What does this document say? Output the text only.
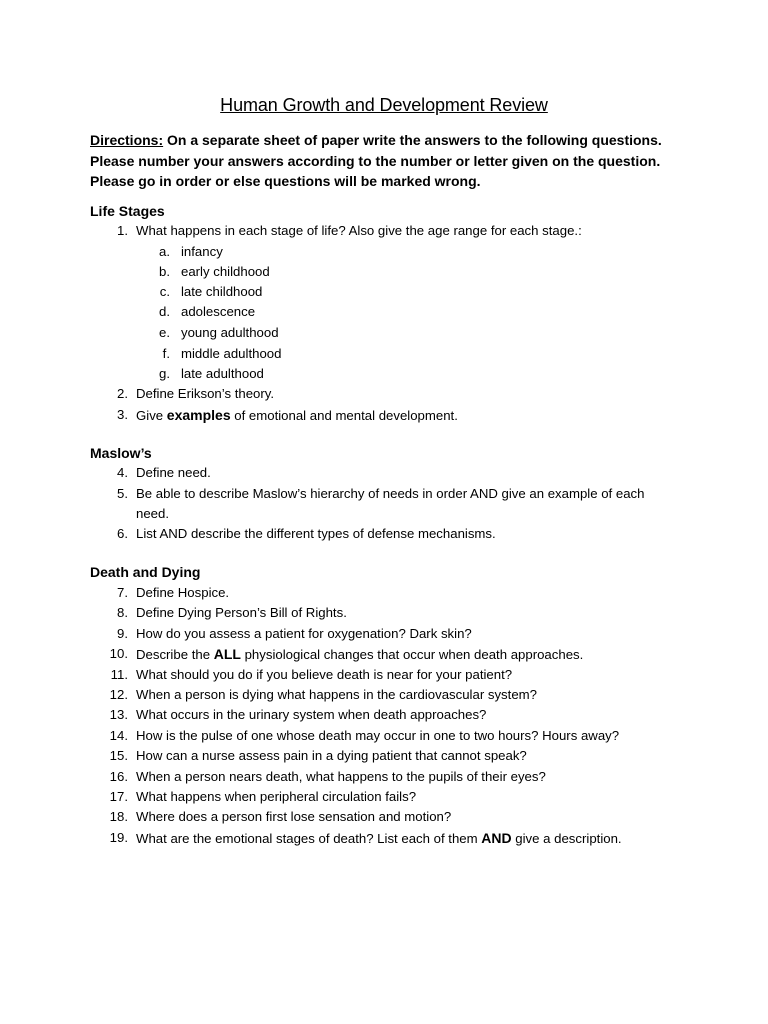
Human Growth and Development Review
Directions: On a separate sheet of paper write the answers to the following questions. Please number your answers according to the number or letter given on the question. Please go in order or else questions will be marked wrong.
Life Stages
1. What happens in each stage of life? Also give the age range for each stage.:
a. infancy
b. early childhood
c. late childhood
d. adolescence
e. young adulthood
f. middle adulthood
g. late adulthood
2. Define Erikson’s theory.
3. Give examples of emotional and mental development.
Maslow’s
4. Define need.
5. Be able to describe Maslow’s hierarchy of needs in order AND give an example of each
need.
6. List AND describe the different types of defense mechanisms.
Death and Dying
7. Define Hospice.
8. Define Dying Person’s Bill of Rights.
9. How do you assess a patient for oxygenation? Dark skin?
10. Describe the ALL physiological changes that occur when death approaches.
11. What should you do if you believe death is near for your patient?
12. When a person is dying what happens in the cardiovascular system?
13. What occurs in the urinary system when death approaches?
14. How is the pulse of one whose death may occur in one to two hours? Hours away?
15. How can a nurse assess pain in a dying patient that cannot speak?
16. When a person nears death, what happens to the pupils of their eyes?
17. What happens when peripheral circulation fails?
18. Where does a person first lose sensation and motion?
19. What are the emotional stages of death? List each of them AND give a description.
